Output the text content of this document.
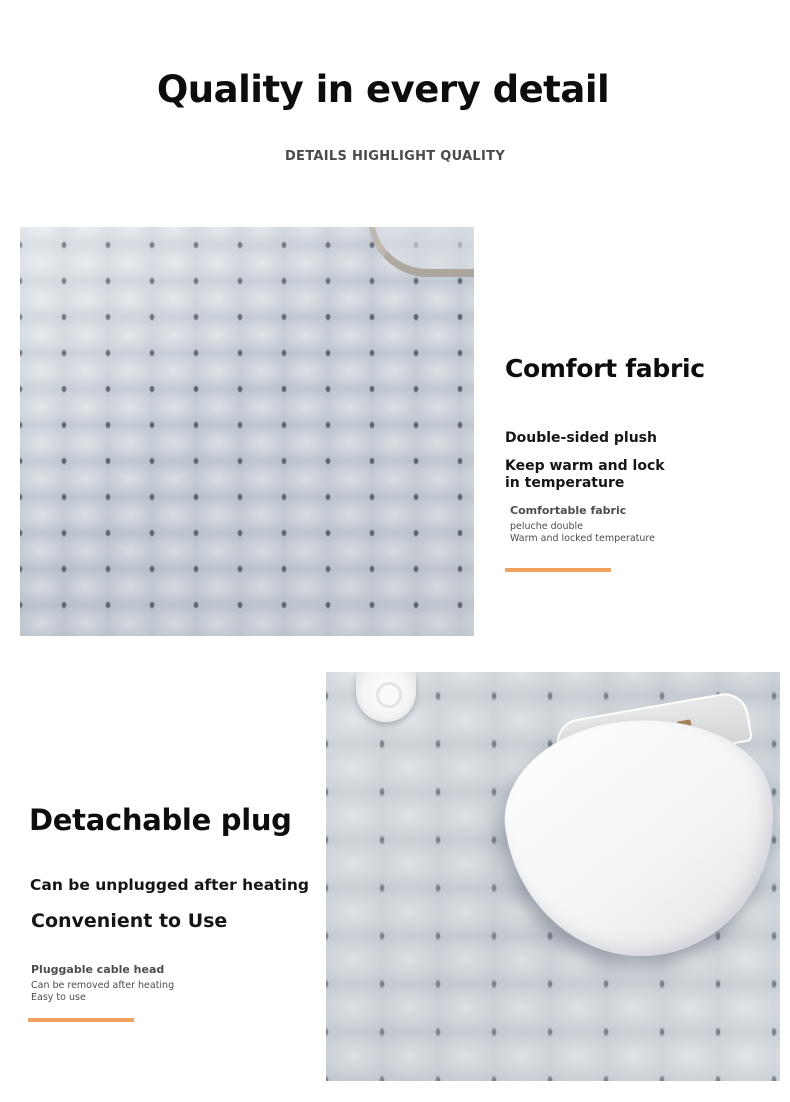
Quality in every detail
DETAILS HIGHLIGHT QUALITY
Comfort fabric
Double-sided plush
Keep warm and lock
in temperature
Comfortable fabric
peluche double
Warm and locked temperature
Detachable plug
Can be unplugged after heating
Convenient to Use
Pluggable cable head
Can be removed after heating
Easy to use
